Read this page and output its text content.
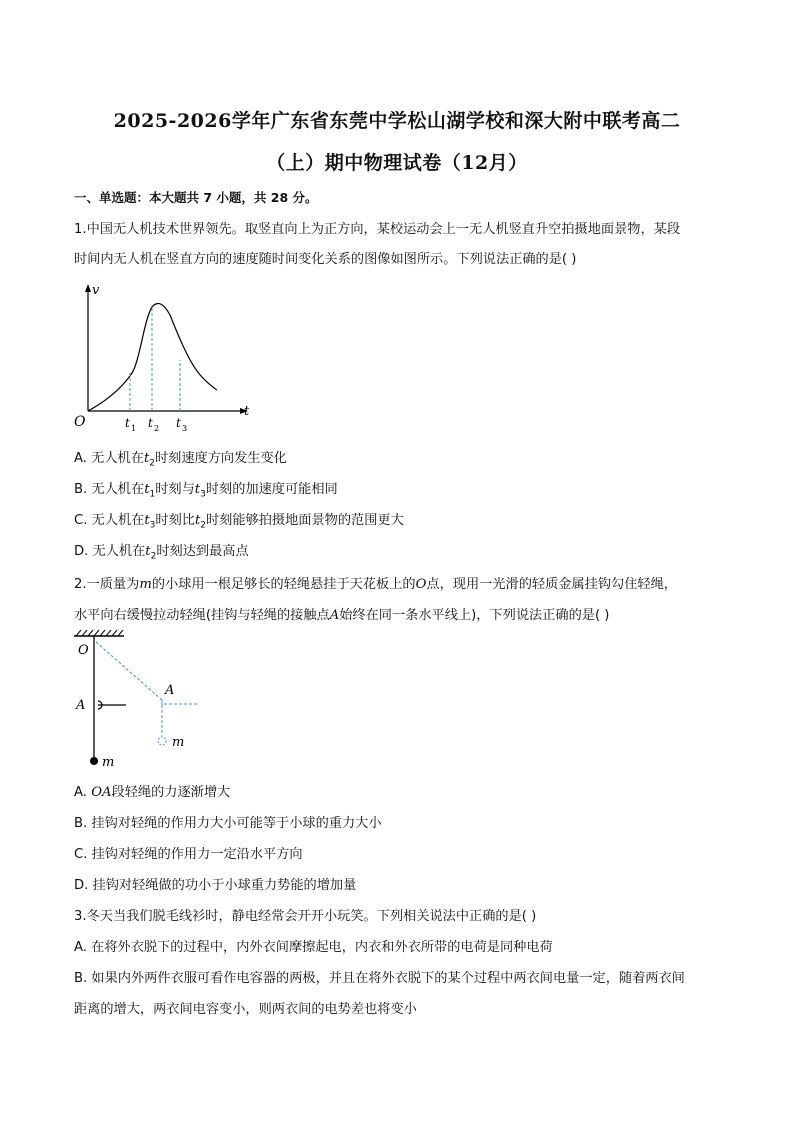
2025-2026学年广东省东莞中学松山湖学校和深大附中联考高二
（上）期中物理试卷（12月）
一、单选题：本大题共 7 小题，共 28 分。
1.中国无人机技术世界领先。取竖直向上为正方向，某校运动会上一无人机竖直升空拍摄地面景物，某段
时间内无人机在竖直方向的速度随时间变化关系的图像如图所示。下列说法正确的是( )
v
t
O	t 1 t 2 t 3
A. 无人机在$t_2$时刻速度方向发生变化
B. 无人机在$t_1$时刻与$t_3$时刻的加速度可能相同
C. 无人机在$t_3$时刻比$t_2$时刻能够拍摄地面景物的范围更大
D. 无人机在$t_2$时刻达到最高点
2.一质量为m的小球用一根足够长的轻绳悬挂于天花板上的O点，现用一光滑的轻质金属挂钩勾住轻绳，
水平向右缓慢拉动轻绳(挂钩与轻绳的接触点A始终在同一条水平线上)，下列说法正确的是( )
O
A
A
m
m
A. OA段轻绳的力逐渐增大
B. 挂钩对轻绳的作用力大小可能等于小球的重力大小
C. 挂钩对轻绳的作用力一定沿水平方向
D. 挂钩对轻绳做的功小于小球重力势能的增加量
3.冬天当我们脱毛线衫时，静电经常会开开小玩笑。下列相关说法中正确的是( )
A. 在将外衣脱下的过程中，内外衣间摩擦起电，内衣和外衣所带的电荷是同种电荷
B. 如果内外两件衣服可看作电容器的两极，并且在将外衣脱下的某个过程中两衣间电量一定，随着两衣间
距离的增大，两衣间电容变小，则两衣间的电势差也将变小
